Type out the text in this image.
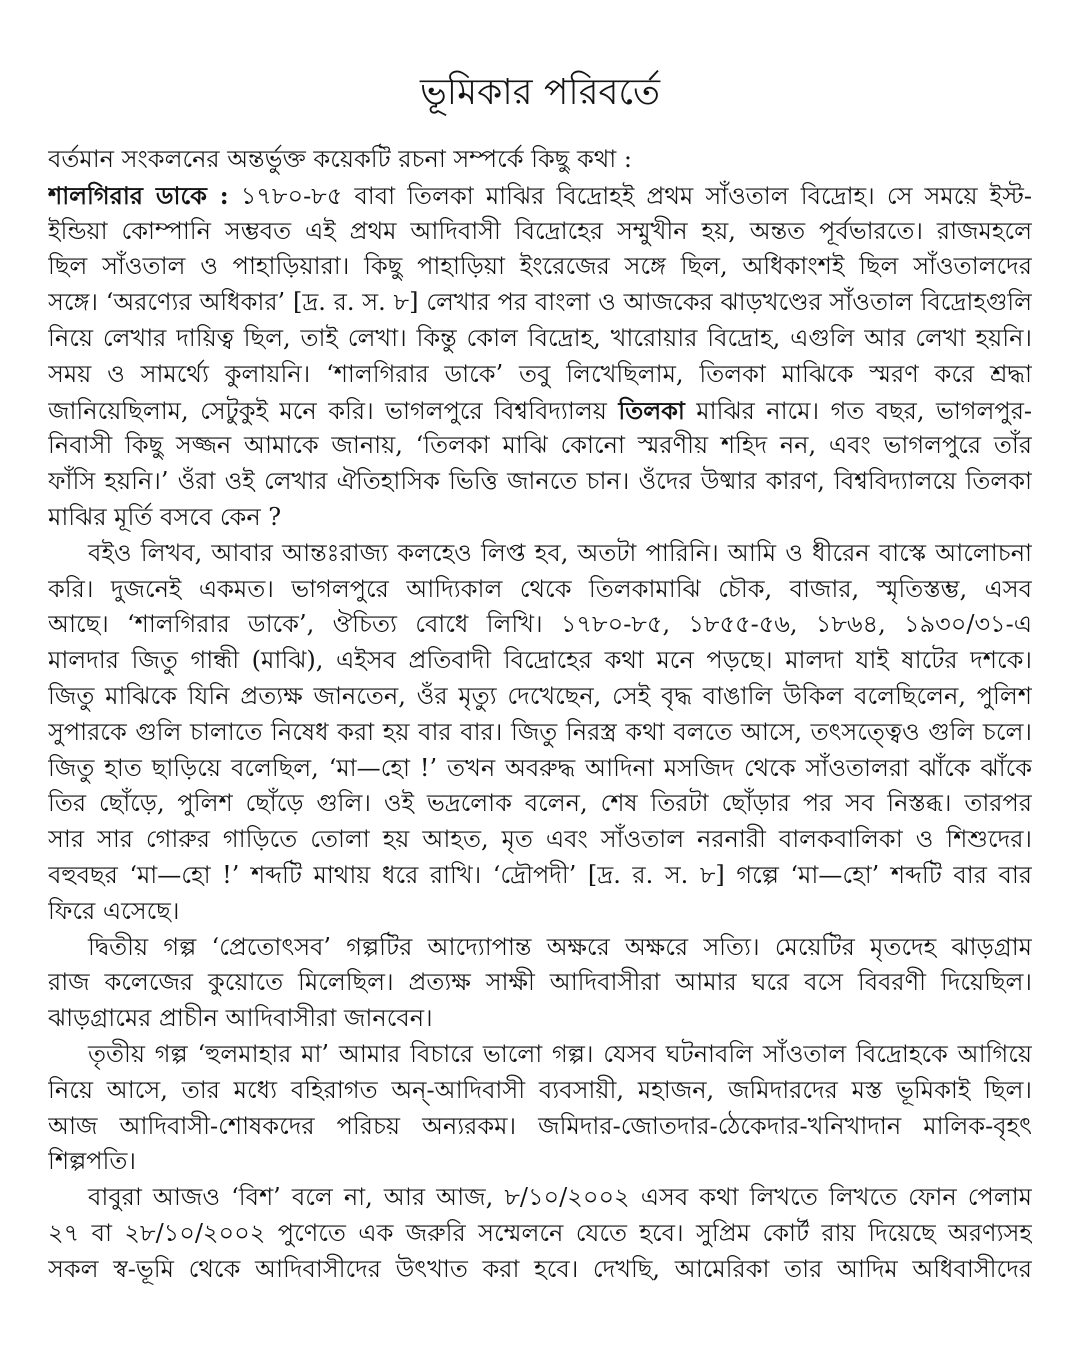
ভূমিকার পরিবর্তে
বর্তমান সংকলনের অন্তর্ভুক্ত কয়েকটি রচনা সম্পর্কে কিছু কথা :
শালগিরার ডাকে : ১৭৮০-৮৫ বাবা তিলকা মাঝির বিদ্রোহই প্রথম সাঁওতাল বিদ্রোহ। সে সময়ে ইস্ট-
ইন্ডিয়া কোম্পানি সম্ভবত এই প্রথম আদিবাসী বিদ্রোহের সম্মুখীন হয়, অন্তত পূর্বভারতে। রাজমহলে
ছিল সাঁওতাল ও পাহাড়িয়ারা। কিছু পাহাড়িয়া ইংরেজের সঙ্গে ছিল, অধিকাংশই ছিল সাঁওতালদের
সঙ্গে। ‘অরণ্যের অধিকার’ [দ্র. র. স. ৮] লেখার পর বাংলা ও আজকের ঝাড়খণ্ডের সাঁওতাল বিদ্রোহগুলি
নিয়ে লেখার দায়িত্ব ছিল, তাই লেখা। কিন্তু কোল বিদ্রোহ, খারোয়ার বিদ্রোহ, এগুলি আর লেখা হয়নি।
সময় ও সামর্থ্যে কুলায়নি। ‘শালগিরার ডাকে’ তবু লিখেছিলাম, তিলকা মাঝিকে স্মরণ করে শ্রদ্ধা
জানিয়েছিলাম, সেটুকুই মনে করি। ভাগলপুরে বিশ্ববিদ্যালয় তিলকা মাঝির নামে। গত বছর, ভাগলপুর-
নিবাসী কিছু সজ্জন আমাকে জানায়, ‘তিলকা মাঝি কোনো স্মরণীয় শহিদ নন, এবং ভাগলপুরে তাঁর
ফাঁসি হয়নি।’ ওঁরা ওই লেখার ঐতিহাসিক ভিত্তি জানতে চান। ওঁদের উষ্মার কারণ, বিশ্ববিদ্যালয়ে তিলকা
মাঝির মূর্তি বসবে কেন ?
বইও লিখব, আবার আন্তঃরাজ্য কলহেও লিপ্ত হব, অতটা পারিনি। আমি ও ধীরেন বাস্কে আলোচনা
করি। দুজনেই একমত। ভাগলপুরে আদ্যিকাল থেকে তিলকামাঝি চৌক, বাজার, স্মৃতিস্তম্ভ, এসব
আছে। ‘শালগিরার ডাকে’, ঔচিত্য বোধে লিখি। ১৭৮০-৮৫, ১৮৫৫-৫৬, ১৮৬৪, ১৯৩০/৩১-এ
মালদার জিতু গান্ধী (মাঝি), এইসব প্রতিবাদী বিদ্রোহের কথা মনে পড়ছে। মালদা যাই ষাটের দশকে।
জিতু মাঝিকে যিনি প্রত্যক্ষ জানতেন, ওঁর মৃত্যু দেখেছেন, সেই বৃদ্ধ বাঙালি উকিল বলেছিলেন, পুলিশ
সুপারকে গুলি চালাতে নিষেধ করা হয় বার বার। জিতু নিরস্ত্র কথা বলতে আসে, তৎসত্ত্বেও গুলি চলে।
জিতু হাত ছাড়িয়ে বলেছিল, ‘মা—হো !’ তখন অবরুদ্ধ আদিনা মসজিদ থেকে সাঁওতালরা ঝাঁকে ঝাঁকে
তির ছোঁড়ে, পুলিশ ছোঁড়ে গুলি। ওই ভদ্রলোক বলেন, শেষ তিরটা ছোঁড়ার পর সব নিস্তব্ধ। তারপর
সার সার গোরুর গাড়িতে তোলা হয় আহত, মৃত এবং সাঁওতাল নরনারী বালকবালিকা ও শিশুদের।
বহুবছর ‘মা—হো !’ শব্দটি মাথায় ধরে রাখি। ‘দ্রৌপদী’ [দ্র. র. স. ৮] গল্পে ‘মা—হো’ শব্দটি বার বার
ফিরে এসেছে।
দ্বিতীয় গল্প ‘প্রেতোৎসব’ গল্পটির আদ্যোপান্ত অক্ষরে অক্ষরে সত্যি। মেয়েটির মৃতদেহ ঝাড়গ্রাম
রাজ কলেজের কুয়োতে মিলেছিল। প্রত্যক্ষ সাক্ষী আদিবাসীরা আমার ঘরে বসে বিবরণী দিয়েছিল।
ঝাড়গ্রামের প্রাচীন আদিবাসীরা জানবেন।
তৃতীয় গল্প ‘হুলমাহার মা’ আমার বিচারে ভালো গল্প। যেসব ঘটনাবলি সাঁওতাল বিদ্রোহকে আগিয়ে
নিয়ে আসে, তার মধ্যে বহিরাগত অন্-আদিবাসী ব্যবসায়ী, মহাজন, জমিদারদের মস্ত ভূমিকাই ছিল।
আজ আদিবাসী-শোষকদের পরিচয় অন্যরকম। জমিদার-জোতদার-ঠেকেদার-খনিখাদান মালিক-বৃহৎ
শিল্পপতি।
বাবুরা আজও ‘বিশ’ বলে না, আর আজ, ৮/১০/২০০২ এসব কথা লিখতে লিখতে ফোন পেলাম
২৭ বা ২৮/১০/২০০২ পুণেতে এক জরুরি সম্মেলনে যেতে হবে। সুপ্রিম কোর্ট রায় দিয়েছে অরণ্যসহ
সকল স্ব-ভূমি থেকে আদিবাসীদের উৎখাত করা হবে। দেখছি, আমেরিকা তার আদিম অধিবাসীদের
